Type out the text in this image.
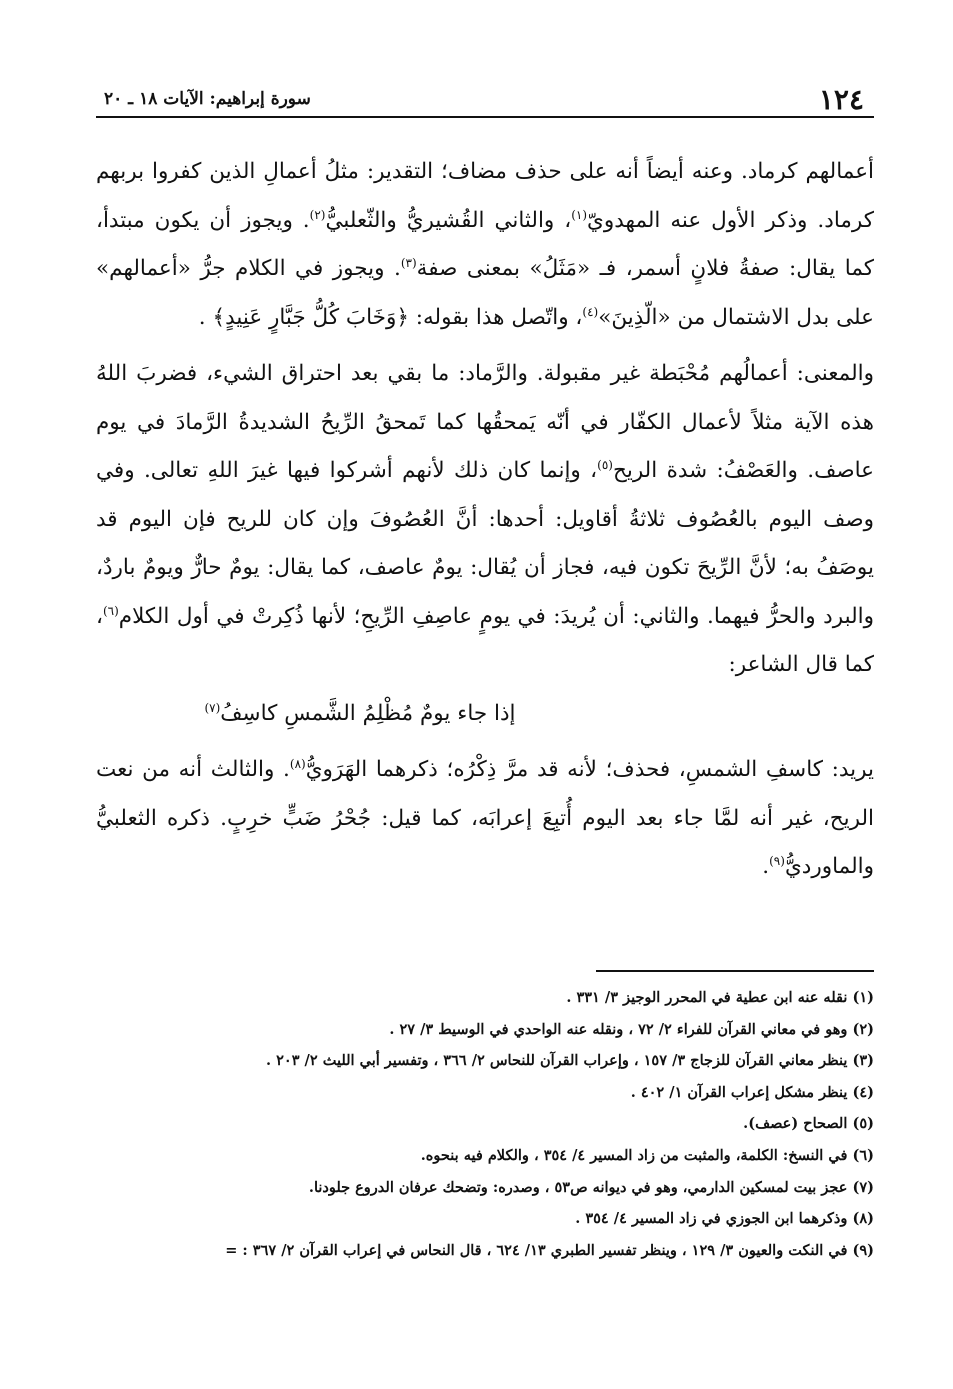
١٢٤
سورة إبراهيم: الآيات ١٨ ـ ٢٠

أعمالهم كرماد. وعنه أيضاً أنه على حذف مضاف؛ التقدير: مثلُ أعمالِ الذين كفروا بربهم كرماد. وذكر الأول عنه المهدويّ$^{(١)}$، والثاني القُشيريُّ والثّعلبيُّ$^{(٢)}$. ويجوز أن يكون مبتدأ، كما يقال: صفةُ فلانٍ أسمر، فـ «مَثَلُ» بمعنى صفة$^{(٣)}$. ويجوز في الكلام جرُّ «أعمالهم» على بدل الاشتمال من «الّذِينَ»$^{(٤)}$، واتّصل هذا بقوله: ﴿وَخَابَ كُلُّ جَبَّارٍ عَنِيدٍ﴾ .

والمعنى: أعمالُهم مُحْبَطة غير مقبولة. والرَّماد: ما بقي بعد احتراق الشيء، فضربَ اللهُ هذه الآية مثلاً لأعمال الكفّار في أنّه يَمحقُها كما تَمحقُ الرِّيحُ الشديدةُ الرَّمادَ في يوم عاصف. والعَصْفُ: شدة الريح$^{(٥)}$، وإنما كان ذلك لأنهم أشركوا فيها غيرَ اللهِ تعالى. وفي وصف اليوم بالعُصُوف ثلاثةُ أقاويل: أحدها: أنَّ العُصُوفَ وإن كان للريح فإن اليوم قد يوصَفُ به؛ لأنَّ الرِّيحَ تكون فيه، فجاز أن يُقال: يومٌ عاصف، كما يقال: يومٌ حارٌّ ويومٌ باردٌ، والبرد والحرُّ فيهما. والثاني: أن يُريدَ: في يومٍ عاصِفِ الرِّيحِ؛ لأنها ذُكِرتْ في أول الكلام$^{(٦)}$، كما قال الشاعر:

إذا جاء يومٌ مُظْلِمُ الشَّمسِ كاسِفُ$^{(٧)}$

يريد: كاسفِ الشمسِ، فحذف؛ لأنه قد مرَّ ذِكْرُه؛ ذكرهما الهَرَويُّ$^{(٨)}$. والثالث أنه من نعت الريح، غير أنه لمَّا جاء بعد اليوم أُتبِعَ إعرابَه، كما قيل: جُحْرُ ضَبٍّ خرِبٍ. ذكره الثعلبيُّ والماورديُّ$^{(٩)}$.

(١) نقله عنه ابن عطية في المحرر الوجيز ٣/ ٣٣١ .
(٢) وهو في معاني القرآن للفراء ٢/ ٧٢ ، ونقله عنه الواحدي في الوسيط ٣/ ٢٧ .
(٣) ينظر معاني القرآن للزجاج ٣/ ١٥٧ ، وإعراب القرآن للنحاس ٢/ ٣٦٦ ، وتفسير أبي الليث ٢/ ٢٠٣ .
(٤) ينظر مشكل إعراب القرآن ١/ ٤٠٢ .
(٥) الصحاح (عصف).
(٦) في النسخ: الكلمة، والمثبت من زاد المسير ٤/ ٣٥٤ ، والكلام فيه بنحوه.
(٧) عجز بيت لمسكين الدارمي، وهو في ديوانه ص٥٣ ، وصدره: وتضحك عرفان الدروع جلودنا.
(٨) وذكرهما ابن الجوزي في زاد المسير ٤/ ٣٥٤ .
(٩) في النكت والعيون ٣/ ١٢٩ ، وينظر تفسير الطبري ١٣/ ٦٢٤ ، قال النحاس في إعراب القرآن ٢/ ٣٦٧ : =
